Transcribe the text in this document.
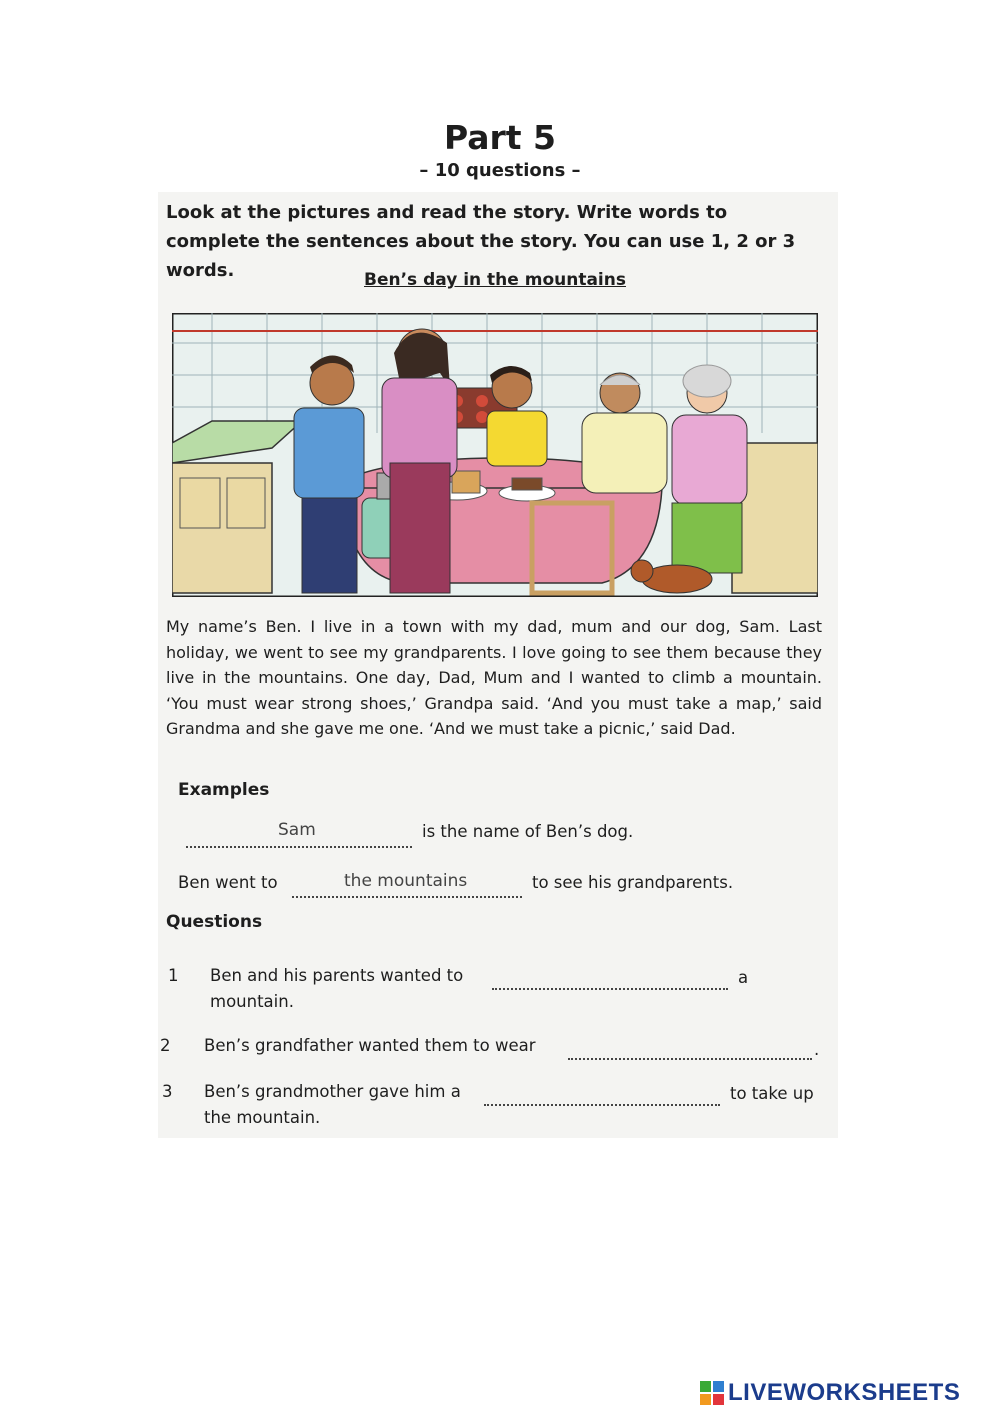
Part 5
– 10 questions –
Look at the pictures and read the story. Write words to complete the sentences about the story. You can use 1, 2 or 3 words.	Ben’s day in the mountains
My name’s Ben. I live in a town with my dad, mum and our dog, Sam. Last holiday, we went to see my grandparents. I love going to see them because they live in the mountains. One day, Dad, Mum and I wanted to climb a mountain. ‘You must wear strong shoes,’ Grandpa said. ‘And you must take a map,’ said Grandma and she gave me one. ‘And we must take a picnic,’ said Dad.
Examples
Sam	is the name of Ben’s dog.
Ben went to	the mountains	to see his grandparents.
Questions
1 Ben and his parents wanted to	a
mountain.
2 Ben’s grandfather wanted them to wear	.
3 Ben’s grandmother gave him a	to take up
the mountain.
LIVEWORKSHEETS
